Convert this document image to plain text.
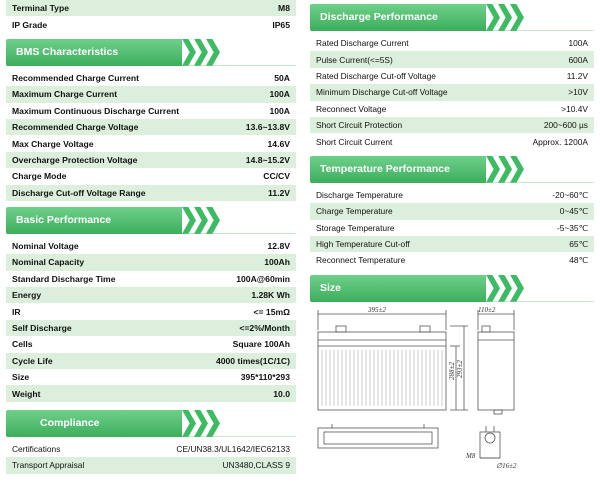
Terminal Type	M8
IP Grade	IP65
BMS Characteristics
Recommended Charge Current	50A
Maximum Charge Current	100A
Maximum Continuous Discharge Current	100A
Recommended Charge Voltage	13.6~13.8V
Max Charge Voltage	14.6V
Overcharge Protection Voltage	14.8~15.2V
Charge Mode	CC/CV
Discharge Cut-off Voltage Range	11.2V
Basic Performance
Nominal Voltage	12.8V
Nominal Capacity	100Ah
Standard Discharge Time	100A@60min
Energy	1.28K Wh
IR	<= 15mΩ
Self Discharge	<=2%/Month
Cells	Square 100Ah
Cycle Life	4000 times(1C/1C)
Size	395*110*293
Weight	10.0
Compliance
Certifications	CE/UN38.3/UL1642/IEC62133
Transport Appraisal	UN3480,CLASS 9
Discharge Performance
Rated Discharge Current	100A
Pulse Current(<=5S)	600A
Rated Discharge Cut-off Voltage	11.2V
Minimum Discharge Cut-off Voltage	>10V
Reconnect Voltage	>10.4V
Short Circuit Protection	200~600 µs
Short Circuit Current	Approx. 1200A
Temperature Performance
Discharge Temperature	-20~60℃
Charge Temperature	0~45℃
Storage Temperature	-5~35℃
High Temperature Cut-off	65℃
Reconnect Temperature	48℃
Size
395±2	110±2
288±2 293±2
M8
∅16±2
